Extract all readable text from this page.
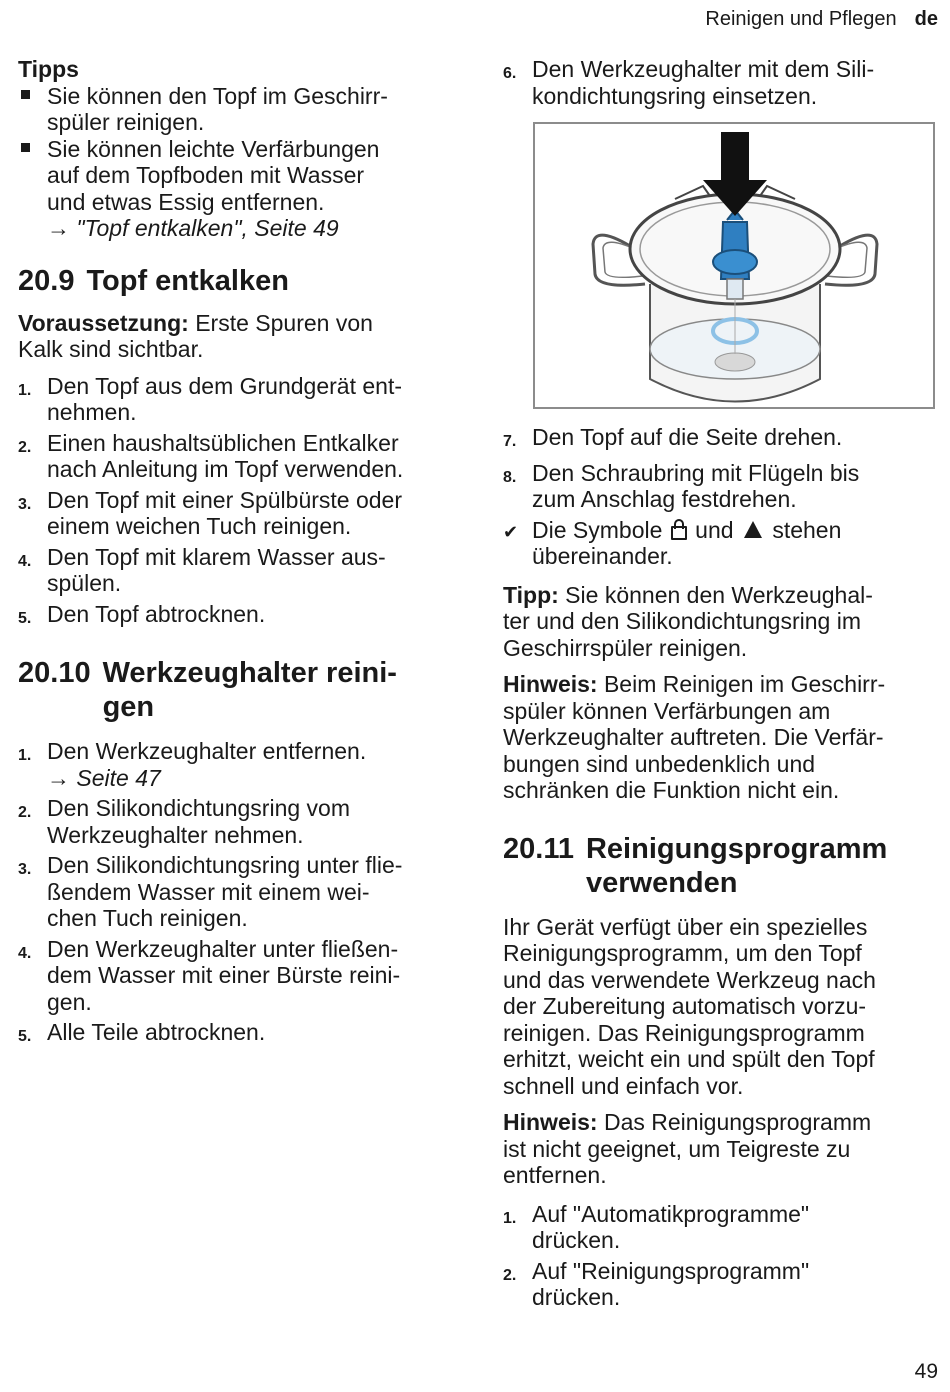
Reinigen und Pflegen de
Tipps
Sie können den Topf im Geschirr-
spüler reinigen.
Sie können leichte Verfärbungen
auf dem Topfboden mit Wasser
und etwas Essig entfernen.
→ "Topf entkalken", Seite 49
20.9 Topf entkalken
Voraussetzung: Erste Spuren von
Kalk sind sichtbar.
1. Den Topf aus dem Grundgerät ent-
nehmen.
2. Einen haushaltsüblichen Entkalker
nach Anleitung im Topf verwenden.
3. Den Topf mit einer Spülbürste oder
einem weichen Tuch reinigen.
4. Den Topf mit klarem Wasser aus-
spülen.
5. Den Topf abtrocknen.
20.10 Werkzeughalter reini-
gen
1. Den Werkzeughalter entfernen.
→ Seite 47
2. Den Silikondichtungsring vom
Werkzeughalter nehmen.
3. Den Silikondichtungsring unter flie-
ßendem Wasser mit einem wei-
chen Tuch reinigen.
4. Den Werkzeughalter unter fließen-
dem Wasser mit einer Bürste reini-
gen.
5. Alle Teile abtrocknen.
6. Den Werkzeughalter mit dem Sili-
kondichtungsring einsetzen.
7. Den Topf auf die Seite drehen.
8. Den Schraubring mit Flügeln bis
zum Anschlag festdrehen.
✔ Die Symbole  und  stehen
übereinander.
Tipp: Sie können den Werkzeughal-
ter und den Silikondichtungsring im
Geschirrspüler reinigen.
Hinweis: Beim Reinigen im Geschirr-
spüler können Verfärbungen am
Werkzeughalter auftreten. Die Verfär-
bungen sind unbedenklich und
schränken die Funktion nicht ein.
20.11 Reinigungsprogramm
verwenden
Ihr Gerät verfügt über ein spezielles
Reinigungsprogramm, um den Topf
und das verwendete Werkzeug nach
der Zubereitung automatisch vorzu-
reinigen. Das Reinigungsprogramm
erhitzt, weicht ein und spült den Topf
schnell und einfach vor.
Hinweis: Das Reinigungsprogramm
ist nicht geeignet, um Teigreste zu
entfernen.
1. Auf "Automatikprogramme"
drücken.
2. Auf "Reinigungsprogramm"
drücken.
49
